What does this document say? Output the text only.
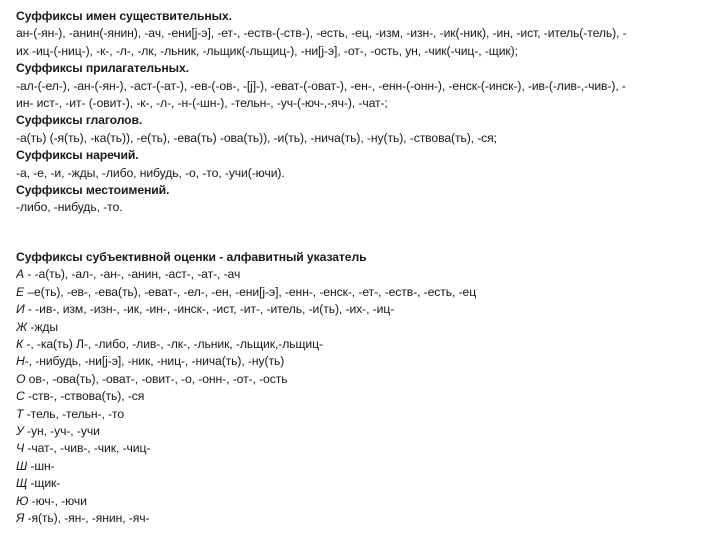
Суффиксы имен существительных.
ан-(-ян-), -анин(-янин), -ач, -ени[j-э], -ет-, -еств-(-ств-), -есть, -ец, -изм, -изн-, -ик(-ник), -ин, -ист, -итель(-тель), -
их -иц-(-ниц-), -к-, -л-, -лк, -льник, -льщик(-льщиц-), -ни[j-э], -от-, -ость, ун, -чик(-чиц-, -щик);
Суффиксы прилагательных.
-ал-(-ел-), -ан-(-ян-), -аст-(-ат-), -ев-(-ов-, -[j]-), -еват-(-оват-), -ен-, -енн-(-онн-), -енск-(-инск-), -ив-(-лив-,-чив-), -
ин- ист-, -ит- (-овит-), -к-, -л-, -н-(-шн-), -тельн-, -уч-(-юч-,-яч-), -чат-;
Суффиксы глаголов.
-а(ть) (-я(ть), -ка(ть)), -е(ть), -ева(ть) -ова(ть)), -и(ть), -нича(ть), -ну(ть), -ствова(ть), -ся;
Суффиксы наречий.
-а, -е, -и, -жды, -либо, нибудь, -о, -то, -учи(-ючи).
Суффиксы местоимений.
-либо, -нибудь, -то.
Суффиксы субъективной оценки - алфавитный указатель
А - -а(ть), -ал-, -ан-, -анин, -аст-, -ат-, -ач
Е –е(ть), -ев-, -ева(ть), -еват-, -ел-, -ен, -ени[j-э], -енн-, -енск-, -ет-, -еств-, -есть, -ец
И - -ив-, изм, -изн-, -ик, -ин-, -инск-, -ист, -ит-, -итель, -и(ть), -их-, -иц-
Ж -жды
К -, -ка(ть) Л-, -либо, -лив-, -лк-, -льник, -льщик,-льщиц-
Н-, -нибудь, -ни[j-э], -ник, -ниц-, -нича(ть), -ну(ть)
О ов-, -ова(ть), -оват-, -овит-, -о, -онн-, -от-, -ость
С -ств-, -ствова(ть), -ся
Т -тель, -тельн-, -то
У -ун, -уч-, -учи
Ч -чат-, -чив-, -чик, -чиц-
Ш -шн-
Щ -щик-
Ю -юч-, -ючи
Я -я(ть), -ян-, -янин, -яч-
